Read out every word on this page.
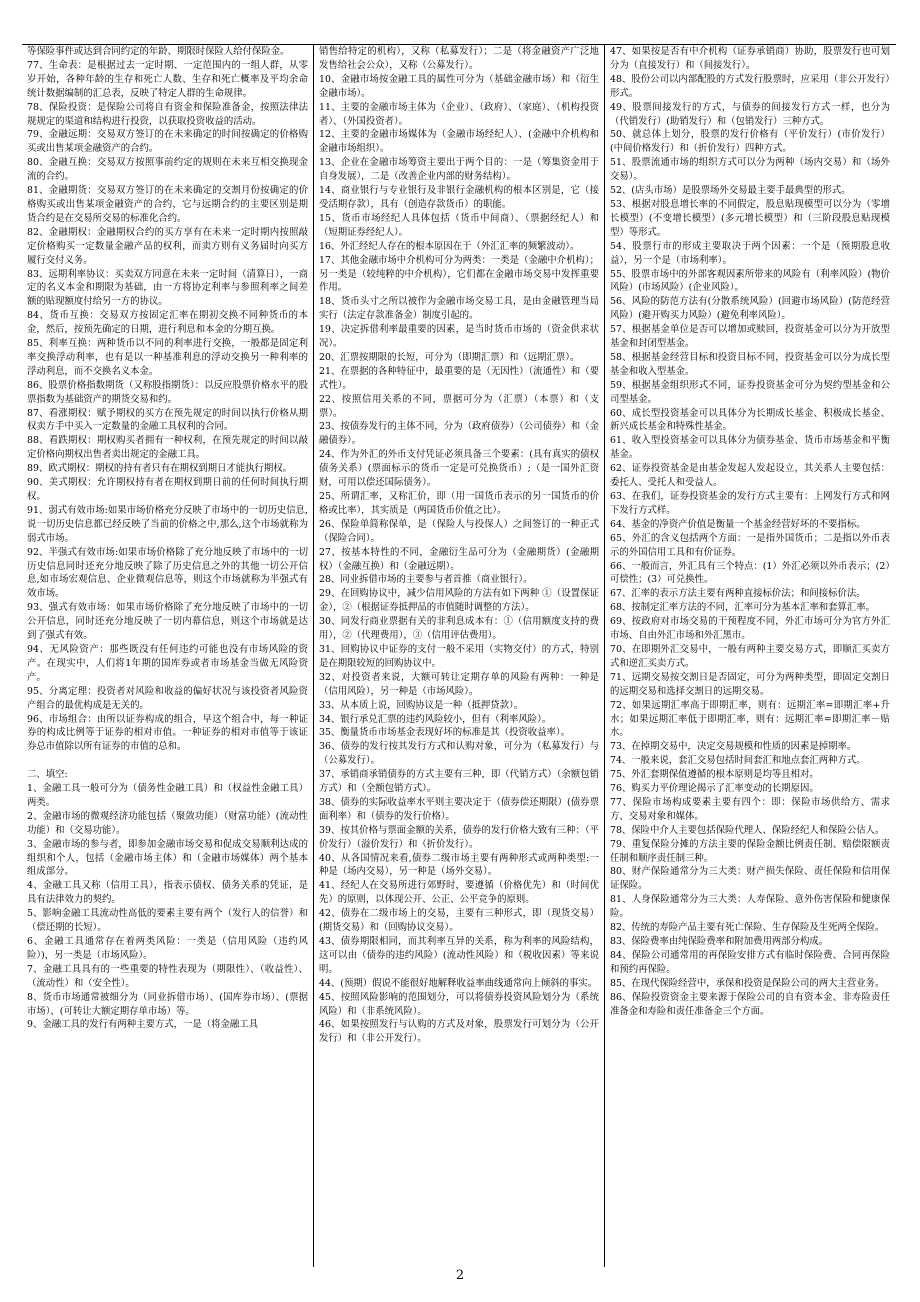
等保险事件或达到合同约定的年龄、期限时保险人给付保险金。

77、生命表：是根据过去一定时期、一定范围内的一组人群，从零岁开始，各种年龄的生存和死亡人数、生存和死亡概率及平均余命统计数据编制的汇总表，反映了特定人群的生命规律。

78、保险投资：是保险公司将自有资金和保险准备金，按照法律法规规定的渠道和结构进行投资，以获取投资收益的活动。

79、金融远期：交易双方签订的在未来确定的时间按确定的价格购买或出售某项金融资产的合约。

80、金融互换：交易双方按照事前约定的规则在未来互相交换现金流的合约。

81、金融期货：交易双方签订的在未来确定的交割月份按确定的价格购买或出售某项金融资产的合约，它与远期合约的主要区别是期货合约是在交易所交易的标准化合约。

82、金融期权：金融期权合约的买方享有在未来一定时期内按照敲定价格购买一定数量金融产品的权利，而卖方则有义务届时向买方履行交付义务。

83、远期利率协议：买卖双方同意在未来一定时间（清算日），一商定的名义本金和期限为基础，由一方将协定利率与参照利率之间差额的贴现额度付给另一方的协议。

84、货币互换：交易双方按固定汇率在期初交换不同种货币的本金，然后，按预先确定的日期，进行利息和本金的分期互换。

85、利率互换：两种货币以不同的利率进行交换，一般都是固定利率交换浮动利率，也有是以一种基准利息的浮动交换另一种利率的浮动利息，而不交换名义本金。

86、股票价格指数期货（又称股指期货）：以反应股票价格水平的股票指数为基础资产的期货交易和约。

87、看涨期权：赋予期权的买方在预先规定的时间以执行价格从期权卖方手中买入一定数量的金融工具权利的合同。

88、看跌期权：期权购买者拥有一种权利，在预先规定的时间以敲定价格向期权出售者卖出规定的金融工具。

89、欧式期权：期权的持有者只有在期权到期日才能执行期权。

90、美式期权：允许期权持有者在期权到期日前的任何时间执行期权。

91、弱式有效市场:如果市场价格充分反映了市场中的一切历史信息,说一切历史信息都已经反映了当前的价格之中,那么,这个市场就称为弱式市场。

92、半强式有效市场:如果市场价格除了充分地反映了市场中的一切历史信息同时还充分地反映了除了历史信息之外的其他一切公开信息,如市场宏观信息、企业微观信息等，则这个市场就称为半强式有效市场。

93、强式有效市场：如果市场价格除了充分地反映了市场中的一切公开信息，同时还充分地反映了一切内幕信息，则这个市场就是达到了强式有效。

94、无风险资产：那些既没有任何违约可能也没有市场风险的资产。在现实中，人们将1年期的国库券或者市场基金当做无风险资产。

95、分离定理：投资者对风险和收益的偏好状况与该投资者风险资产组合的最优构成是无关的。

96、市场组合：由所以证券构成的组合，早这个组合中，每一种证券的构成比例等于证券的相对市值。一种证券的相对市值等于该证券总市值除以所有证券的市值的总和。

二、填空:

1、金融工具一般可分为（债务性金融工具）和（权益性金融工具）两类。

2、金融市场的微观经济功能包括（聚敛功能）（财富功能）(流动性功能）和（交易功能）。

3、金融市场的参与者，即参加金融市场交易和促成交易顺利达成的组织和个人，包括（金融市场主体）和（金融市场媒体）两个基本组成部分。

4、金融工具又称（信用工具），指表示债权、债务关系的凭证，是具有法律效力的契约。

5、影响金融工具流动性高低的要素主要有两个（发行人的信誉）和（偿还期的长短）。

6、金融工具通常存在着两类风险：一类是（信用风险（违约风险）)，另一类是（市场风险）。

7、金融工具具有的一些重要的特性表现为（期限性）、（收益性）、（流动性）和（安全性）。

8、货币市场通常被细分为（同业拆借市场）、(国库券市场）、(票据市场）、(可转让大额定期存单市场）等。

9、金融工具的发行有两种主要方式，一是（将金融工具

销售给特定的机构），又称（私募发行）；二是（将金融资产广泛地发售给社会公众），又称（公募发行）。

10、金融市场按金融工具的属性可分为（基础金融市场）和（衍生金融市场）。

11、主要的金融市场主体为（企业）、（政府）、（家庭）、（机构投资者）、（外国投资者）。

12、主要的金融市场媒体为（金融市场经纪人）、(金融中介机构和金融市场组织）。

13、企业在金融市场筹资主要出于两个目的：一是（筹集资金用于自身发展），二是（改善企业内部的财务结构）。

14、商业银行与专业银行及非银行金融机构的根本区别是，它（接受活期存款），具有（创造存款货币）的职能。

15、货币市场经纪人具体包括（货币中间商）、（票据经纪人）和（短期证券经纪人）。

16、外汇经纪人存在的根本原因在于（外汇汇率的频繁波动）。

17、其他金融市场中介机构可分为两类：一类是（金融中介机构）；另一类是（较纯粹的中介机构），它们都在金融市场交易中发挥重要作用。

18、货币头寸之所以被作为金融市场交易工具，是由金融管理当局实行（法定存款准备金）制度引起的。

19、决定拆借利率最重要的因素，是当时货币市场的（资金供求状况）。

20、汇票按期限的长短，可分为（即期汇票）和（远期汇票）。

21、在票据的各种特征中，最重要的是（无因性）（流通性）和（要式性）。

22、按照信用关系的不同，票据可分为（汇票）（本票）和（支票）。

23、按债券发行的主体不同，分为（政府债券）（公司债券）和（金融债券）。

24、作为外汇的外币支付凭证必须具备三个要素：(具有真实的债权债务关系）(票面标示的货币一定是可兑换货币）;（是一国外汇资财，可用以偿还国际债务）。

25、所谓汇率，又称汇价，即（用一国货币表示的另一国货币的价格或比率），其实质是（两国货币价值之比）。

26、保险单简称保单，是（保险人与投保人）之间签订的一种正式（保险合同）。

27、按基本特性的不同，金融衍生品可分为（金融期货）(金融期权）（金融互换）和（金融远期）。

28、同业拆借市场的主要参与者首推（商业银行）。

29、在回购协议中，减少信用风险的方法有如下两种 ①（设置保证金），②（根据证券抵押品的市值随时调整的方法）。

30、同发行商业票据有关的非利息成本有：①（信用额度支持的费用），②（代理费用），③（信用评估费用）。

31、回购协议中证券的支付一般不采用（实物交付）的方式，特别是在期限较短的回购协议中。

32、对投资者来说，大额可转让定期存单的风险有两种：一种是（信用风险），另一种是（市场风险）。

33、从本质上说，回购协议是一种（抵押贷款）。

34、银行承兑汇票的违约风险较小，但有（利率风险）。

35、衡量货币市场基金表现好坏的标准是其（投资收益率）。

36、债券的发行按其发行方式和认购对象，可分为（私募发行）与（公募发行）。

37、承销商承销债券的方式主要有三种，即（代销方式）（余额包销方式）和（全额包销方式）。

38、债券的实际收益率水平则主要决定于（债券偿还期限）(债券票面利率）和（债券的发行价格）。

39、按其价格与票面金额的关系，债券的发行价格大致有三种：（平价发行）（溢价发行）和（折价发行）。

40、从各国情况来看,债券二级市场主要有两种形式或两种类型:一种是（场内交易），另一种是（场外交易）。

41、经纪人在交易所进行郊野时，要遵循（价格优先）和（时间优先）的原则，以体现公开、公正、公平竞争的原则。

42、债券在二级市场上的交易，主要有三种形式，即（现货交易）(期货交易）和（回购协议交易）。

43、债券期限相同，而其利率互异的关系，称为利率的风险结构，这可以由（债券的违约风险）(流动性风险）和（税收因素）等来说明。

44、(预期）假说不能很好地解释收益率曲线通常向上倾斜的事实。

45、按照风险影响的范围划分，可以将债券投资风险划分为（系统风险）和（非系统风险）。

46、如果按照发行与认购的方式及对象，股票发行可划分为（公开发行）和（非公开发行）。

47、如果按是否有中介机构（证券承销商）协助，股票发行也可划分为（直接发行）和（间接发行）。

48、股份公司以内部配股的方式发行股票时，应采用（非公开发行）形式。

49、股票间接发行的方式，与债券的间接发行方式一样，也分为（代销发行）(助销发行）和（包销发行）三种方式。

50、就总体上划分，股票的发行价格有（平价发行）(市价发行）(中间价格发行）和（折价发行）四种方式。

51、股票流通市场的组织方式可以分为两种（场内交易）和（场外交易）。

52、(店头市场）是股票场外交易最主要手最典型的形式。

53、根据对股息增长率的不同假定，股息贴现模型可以分为（零增长模型）(不变增长模型）(多元增长模型）和（三阶段股息贴现模型）等形式。

54、股票行市的形成主要取决于两个因素：一个是（预期股息收益），另一个是（市场利率）。

55、股票市场中的外部客观因素所带来的风险有（利率风险）(物价风险）(市场风险）(企业风险）。

56、风险的防范方法有(分散系统风险）(回避市场风险）(防范经营风险）(避开购买力风险）(避免利率风险）。

57、根据基金单位是否可以增加或赎回，投资基金可以分为开放型基金和封闭型基金。

58、根据基金经营目标和投资目标不同，投资基金可以分为成长型基金和收入型基金。

59、根据基金组织形式不同，证券投资基金可分为契约型基金和公司型基金。

60、成长型投资基金可以具体分为长期成长基金、积极成长基金、新兴成长基金和特殊性基金。

61、收入型投资基金可以具体分为债券基金、货币市场基金和平衡基金。

62、证券投资基金是由基金发起人发起设立，其关系人主要包括：委托人、受托人和受益人。

63、在我们，证券投资基金的发行方式主要有：上网发行方式和网下发行方式样。

64、基金的净资产价值是衡量一个基金经营好坏的不要指标。

65、外汇的含义包括两个方面：一是指外国货币；二是指以外币表示的外国信用工具和有价证券。

66、一般而言，外汇具有三个特点：(1）外汇必须以外币表示；(2）可偿性；(3）可兑换性。

67、汇率的表示方法主要有两种直接标价法；和间接标价法。

68、按制定汇率方法的不同，汇率可分为基本汇率和套算汇率。

69、按政府对市场交易的干预程度不同，外汇市场可分为官方外汇市场、自由外汇市场和外汇黑市。

70、在即期外汇交易中，一般有两种主要交易方式，即顺汇买卖方式和逆汇买卖方式。

71、远期交易按交割日是否固定，可分为两种类型，即固定交割日的远期交易和选择交割日的远期交易。

72、如果远期汇率高于即期汇率，则有：远期汇率=即期汇率+升水；如果远期汇率低于即期汇率，则有：远期汇率=即期汇率－贴水。

73、在掉期交易中，决定交易规模和性质的因素是掉期率。

74、一般来说，套汇交易包括时间套汇和地点套汇两种方式。

75、外汇套期保值遵循的根本原则是均等且相对。

76、购买力平价理论揭示了汇率变动的长期原因。

77、保险市场构成要素主要有四个：即：保险市场供给方、需求方、交易对象和媒体。

78、保险中介人主要包括保险代理人、保险经纪人和保险公估人。

79、重复保险分摊的方法主要的保险金额比例责任制、赔偿限额责任制和顺序责任制三种。

80、财产保险通常分为三大类：财产损失保险、责任保险和信用保证保险。

81、人身保险通常分为三大类：人寿保险、意外伤害保险和健康保险。

82、传统的寿险产品主要有死亡保险、生存保险及生死两全保险。

83、保险费率由纯保险费率和附加费用两部分构成。

84、保险公司通常用的再保险安排方式有临时保险费、合同再保险和预约再保险。

85、在现代保险经营中，承保和投资是保险公司的两大主营业务。

86、保险投资资金主要来源于保险公司的自有资本金、非寿险责任准备金和寿险和责任准备金三个方面。

2
